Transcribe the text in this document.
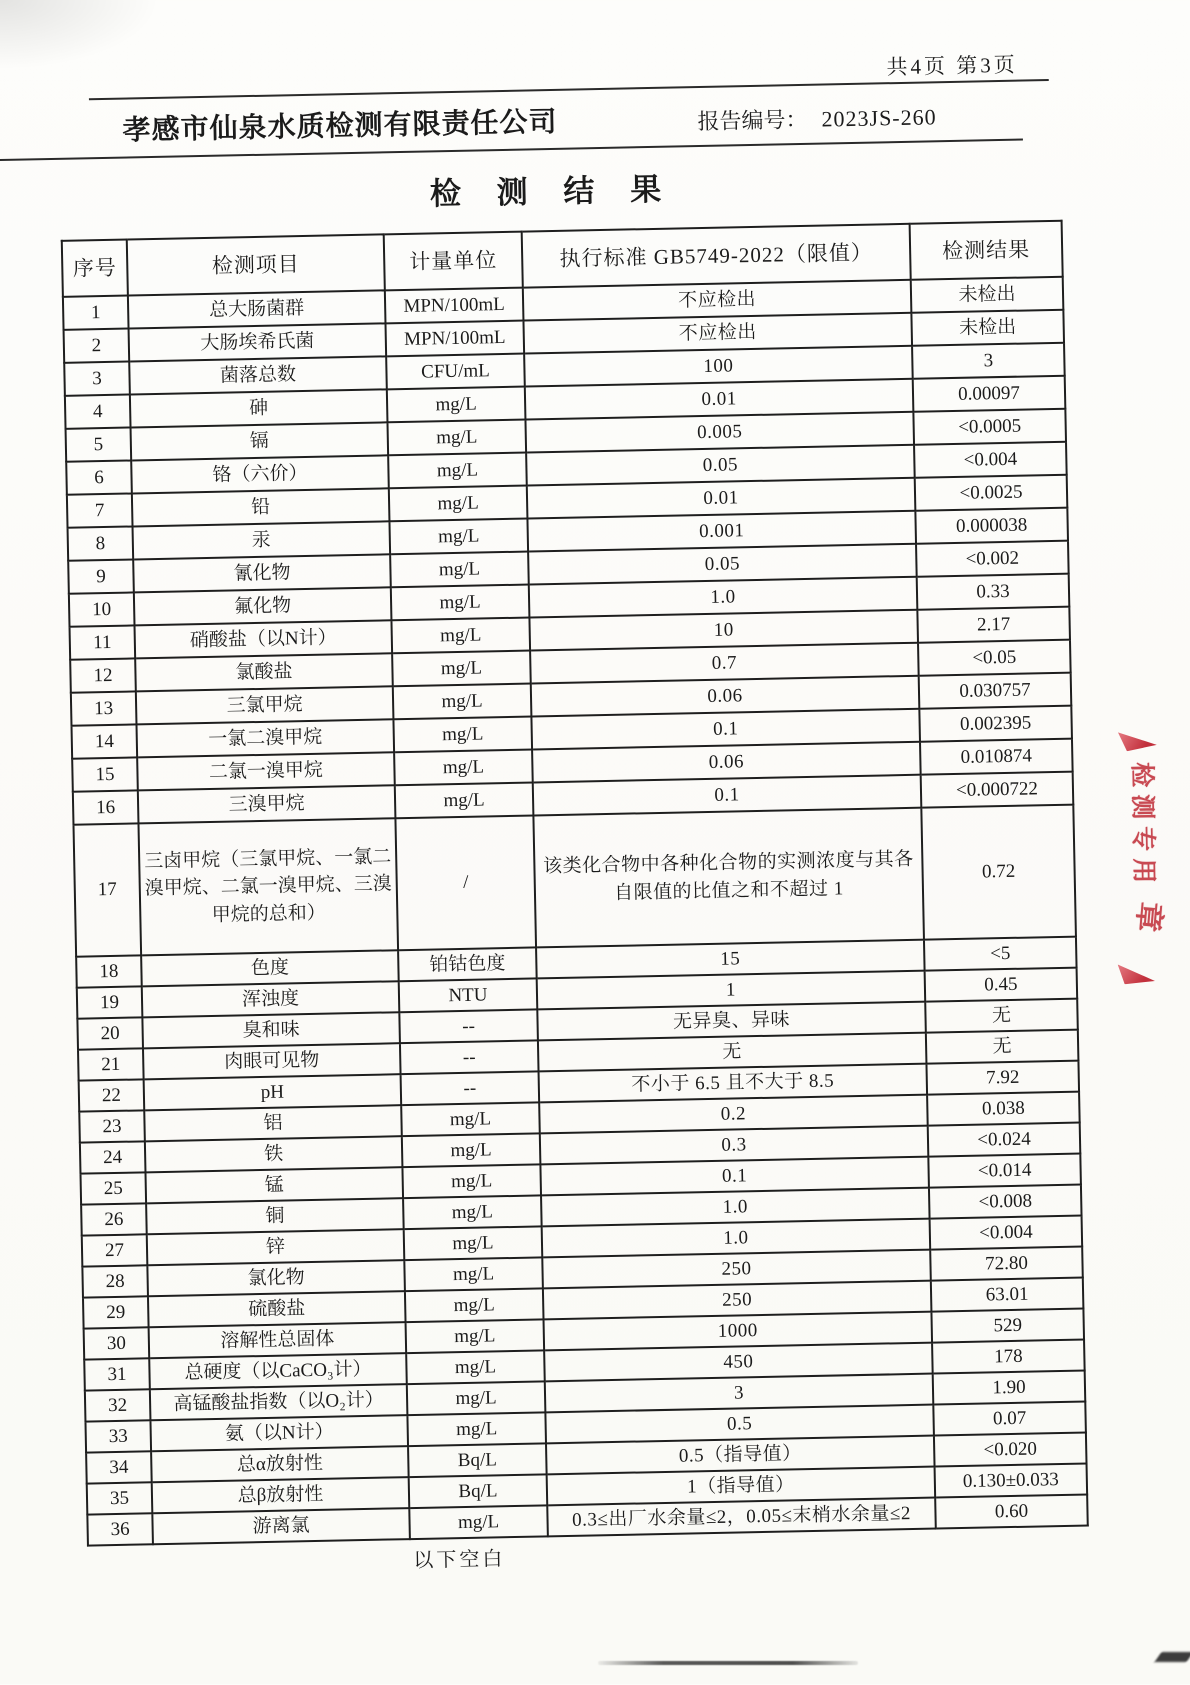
共4页 第3页
孝感市仙泉水质检测有限责任公司	报告编号： 2023JS-260
检 测 结 果
序号	检测项目	计量单位	执行标准 GB5749-2022（限值）	检测结果
1	总大肠菌群	MPN/100mL	不应检出	未检出
2	大肠埃希氏菌	MPN/100mL	不应检出	未检出
3	菌落总数	CFU/mL	100	3
4	砷	mg/L	0.01	0.00097
5	镉	mg/L	0.005	<0.0005
6	铬（六价）	mg/L	0.05	<0.004
7	铅	mg/L	0.01	<0.0025
8	汞	mg/L	0.001	0.000038
9	氰化物	mg/L	0.05	<0.002
10	氟化物	mg/L	1.0	0.33
11	硝酸盐（以N计）	mg/L	10	2.17
12	氯酸盐	mg/L	0.7	<0.05
13	三氯甲烷	mg/L	0.06	0.030757
14	一氯二溴甲烷	mg/L	0.1	0.002395
15	二氯一溴甲烷	mg/L	0.06	0.010874
16	三溴甲烷	mg/L	0.1	<0.000722
17	三卤甲烷（三氯甲烷、一氯二溴甲烷、二氯一溴甲烷、三溴甲烷的总和）	/	该类化合物中各种化合物的实测浓度与其各自限值的比值之和不超过 1	0.72
18	色度	铂钴色度	15	<5
19	浑浊度	NTU	1	0.45
20	臭和味	--	无异臭、异味	无
21	肉眼可见物	--	无	无
22	pH	--	不小于 6.5 且不大于 8.5	7.92
23	铝	mg/L	0.2	0.038
24	铁	mg/L	0.3	<0.024
25	锰	mg/L	0.1	<0.014
26	铜	mg/L	1.0	<0.008
27	锌	mg/L	1.0	<0.004
28	氯化物	mg/L	250	72.80
29	硫酸盐	mg/L	250	63.01
30	溶解性总固体	mg/L	1000	529
31	总硬度（以CaCO₃计）	mg/L	450	178
32	高锰酸盐指数（以O₂计）	mg/L	3	1.90
33	氨（以N计）	mg/L	0.5	0.07
34	总α放射性	Bq/L	0.5（指导值）	<0.020
35	总β放射性	Bq/L	1（指导值）	0.130±0.033
36	游离氯	mg/L	0.3≤出厂水余量≤2，0.05≤末梢水余量≤2	0.60
以下空白
检测专用
章
